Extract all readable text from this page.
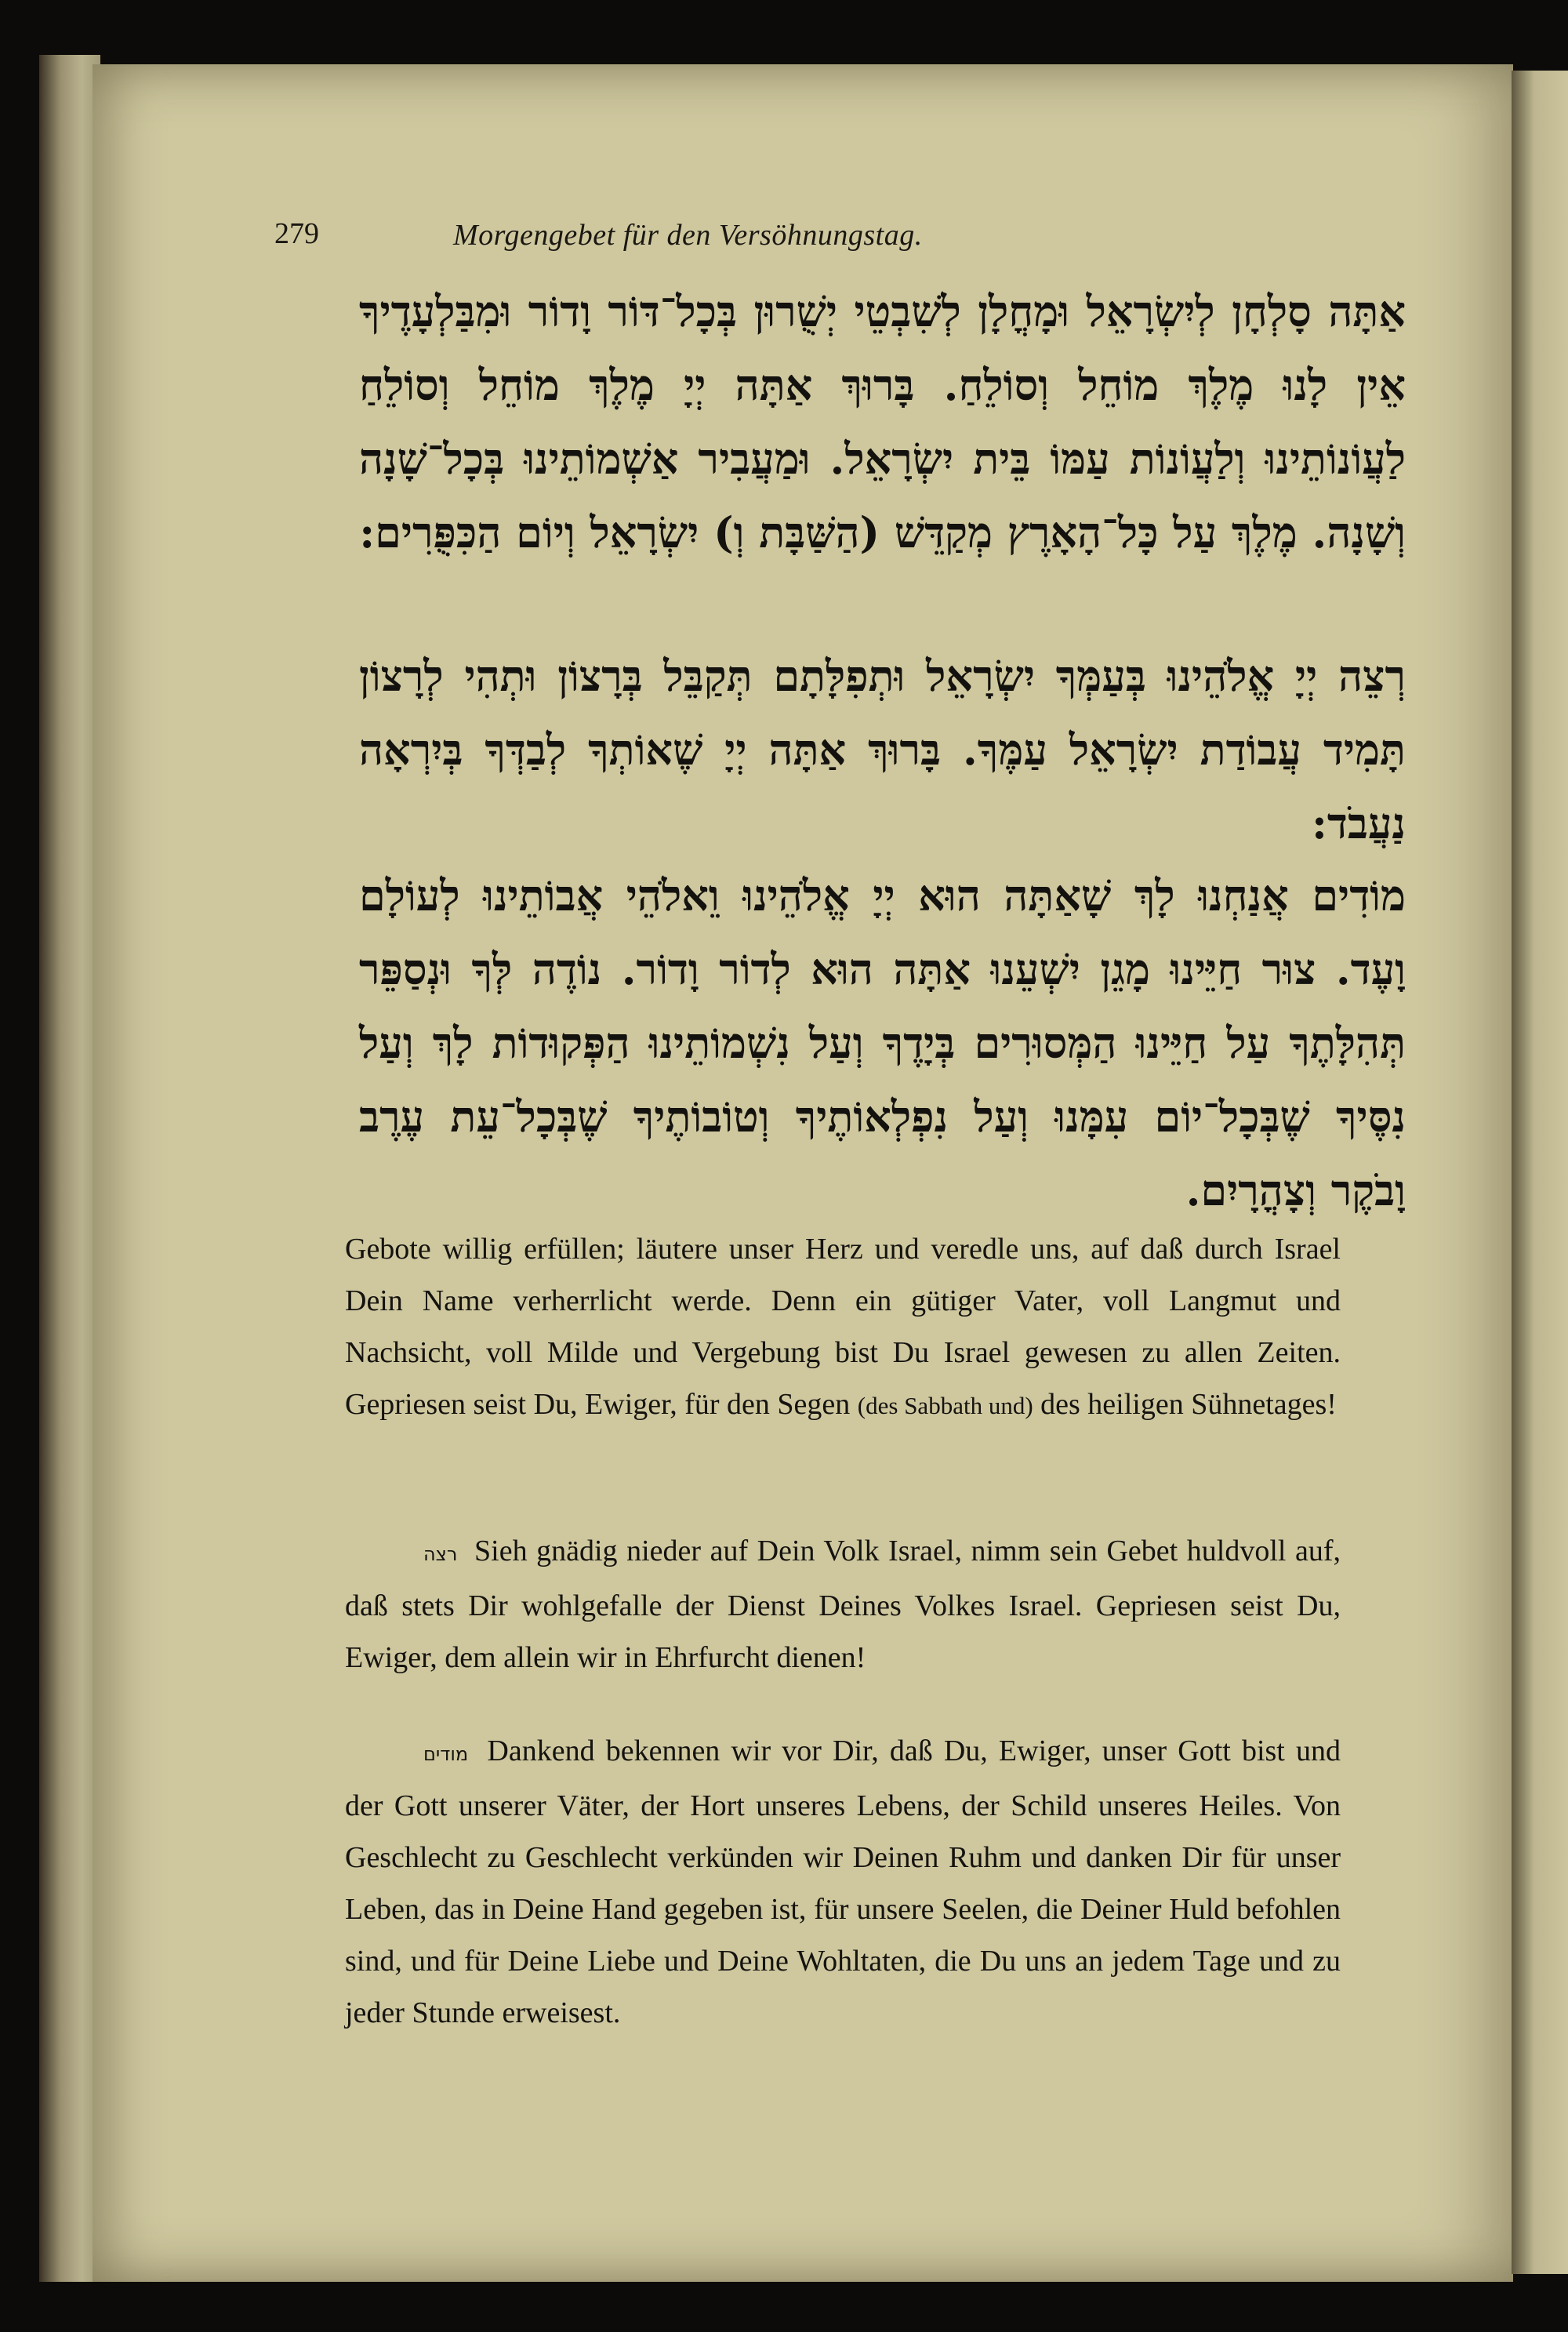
279	Morgengebet für den Versöhnungstag.
אַתָּה סָלְחָן לְיִשְׂרָאֵל וּמָחֳלָן לְשִׁבְטֵי יְשֻׁרוּן בְּכָל־דּוֹר וָדוֹר וּמִבַּלְעָדֶיךָ אֵין לָנוּ מֶלֶךְ מוֹחֵל וְסוֹלֵחַ. בָּרוּךְ אַתָּה יְיָ מֶלֶךְ מוֹחֵל וְסוֹלֵחַ לַעֲוֹנוֹתֵינוּ וְלַעֲוֹנוֹת עַמּוֹ בֵּית יִשְׂרָאֵל. וּמַעֲבִיר אַשְׁמוֹתֵינוּ בְּכָל־שָׁנָה וְשָׁנָה. מֶלֶךְ עַל כָּל־הָאָרֶץ מְקַדֵּשׁ (הַשַּׁבָּת וְ) יִשְׂרָאֵל וְיוֹם הַכִּפֻּרִים:
רְצֵה יְיָ אֱלֹהֵינוּ בְּעַמְּךָ יִשְׂרָאֵל וּתְפִלָּתָם תְּקַבֵּל בְּרָצוֹן וּתְהִי לְרָצוֹן תָּמִיד עֲבוֹדַת יִשְׂרָאֵל עַמֶּךָ. בָּרוּךְ אַתָּה יְיָ שֶׁאוֹתְךָ לְבַדְּךָ בְּיִרְאָה נַעֲבֹד:
מוֹדִים אֲנַחְנוּ לָךְ שָׁאַתָּה הוּא יְיָ אֱלֹהֵינוּ וֵאלֹהֵי אֲבוֹתֵינוּ לְעוֹלָם וָעֶד. צוּר חַיֵּינוּ מָגֵן יִשְׁעֵנוּ אַתָּה הוּא לְדוֹר וָדוֹר. נוֹדֶה לְּךָ וּנְסַפֵּר תְּהִלָּתֶךָ עַל חַיֵּינוּ הַמְּסוּרִים בְּיָדֶךָ וְעַל נִשְׁמוֹתֵינוּ הַפְּקוּדוֹת לָךְ וְעַל נִסֶּיךָ שֶׁבְּכָל־יוֹם עִמָּנוּ וְעַל נִפְלְאוֹתֶיךָ וְטוֹבוֹתֶיךָ שֶׁבְּכָל־עֵת עֶרֶב וָבֹקֶר וְצָהֳרָיִם.
Gebote willig erfüllen; läutere unser Herz und veredle uns, auf daß durch Israel Dein Name verherrlicht werde. Denn ein gütiger Vater, voll Langmut und Nachsicht, voll Milde und Vergebung bist Du Israel gewesen zu allen Zeiten. Gepriesen seist Du, Ewiger, für den Segen (des Sabbath und) des heiligen Sühnetages!
רצה Sieh gnädig nieder auf Dein Volk Israel, nimm sein Gebet huldvoll auf, daß stets Dir wohlgefalle der Dienst Deines Volkes Israel. Gepriesen seist Du, Ewiger, dem allein wir in Ehrfurcht dienen!
מודים Dankend bekennen wir vor Dir, daß Du, Ewiger, unser Gott bist und der Gott unserer Väter, der Hort unseres Lebens, der Schild unseres Heiles. Von Geschlecht zu Geschlecht verkünden wir Deinen Ruhm und danken Dir für unser Leben, das in Deine Hand gegeben ist, für unsere Seelen, die Deiner Huld befohlen sind, und für Deine Liebe und Deine Wohltaten, die Du uns an jedem Tage und zu jeder Stunde erweisest.
